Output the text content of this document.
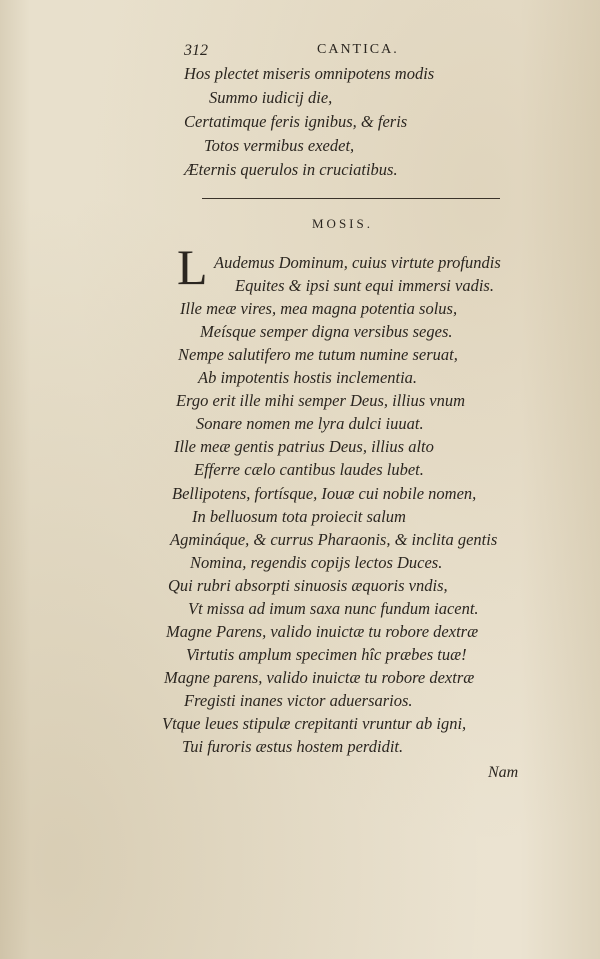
312	CANTICA.
Hos plectet miseris omnipotens modis
Summo iudicij die,
Certatimque feris ignibus, & feris
Totos vermibus exedet,
Æternis querulos in cruciatibus.
MOSIS.
L Audemus Dominum, cuius virtute profundis
Equites & ipsi sunt equi immersi vadis.
Ille meæ vires, mea magna potentia solus,
Meísque semper digna versibus seges.
Nempe salutifero me tutum numine seruat,
Ab impotentis hostis inclementia.
Ergo erit ille mihi semper Deus, illius vnum
Sonare nomen me lyra dulci iuuat.
Ille meæ gentis patrius Deus, illius alto
Efferre cælo cantibus laudes lubet.
Bellipotens, fortísque, Iouæ cui nobile nomen,
In belluosum tota proiecit salum
Agmináque, & currus Pharaonis, & inclita gentis
Nomina, regendis copijs lectos Duces.
Qui rubri absorpti sinuosis æquoris vndis,
Vt missa ad imum saxa nunc fundum iacent.
Magne Parens, valido inuictæ tu robore dextræ
Virtutis amplum specimen hîc præbes tuæ!
Magne parens, valido inuictæ tu robore dextræ
Fregisti inanes victor aduersarios.
Vtque leues stipulæ crepitanti vruntur ab igni,
Tui furoris æstus hostem perdidit.
Nam
